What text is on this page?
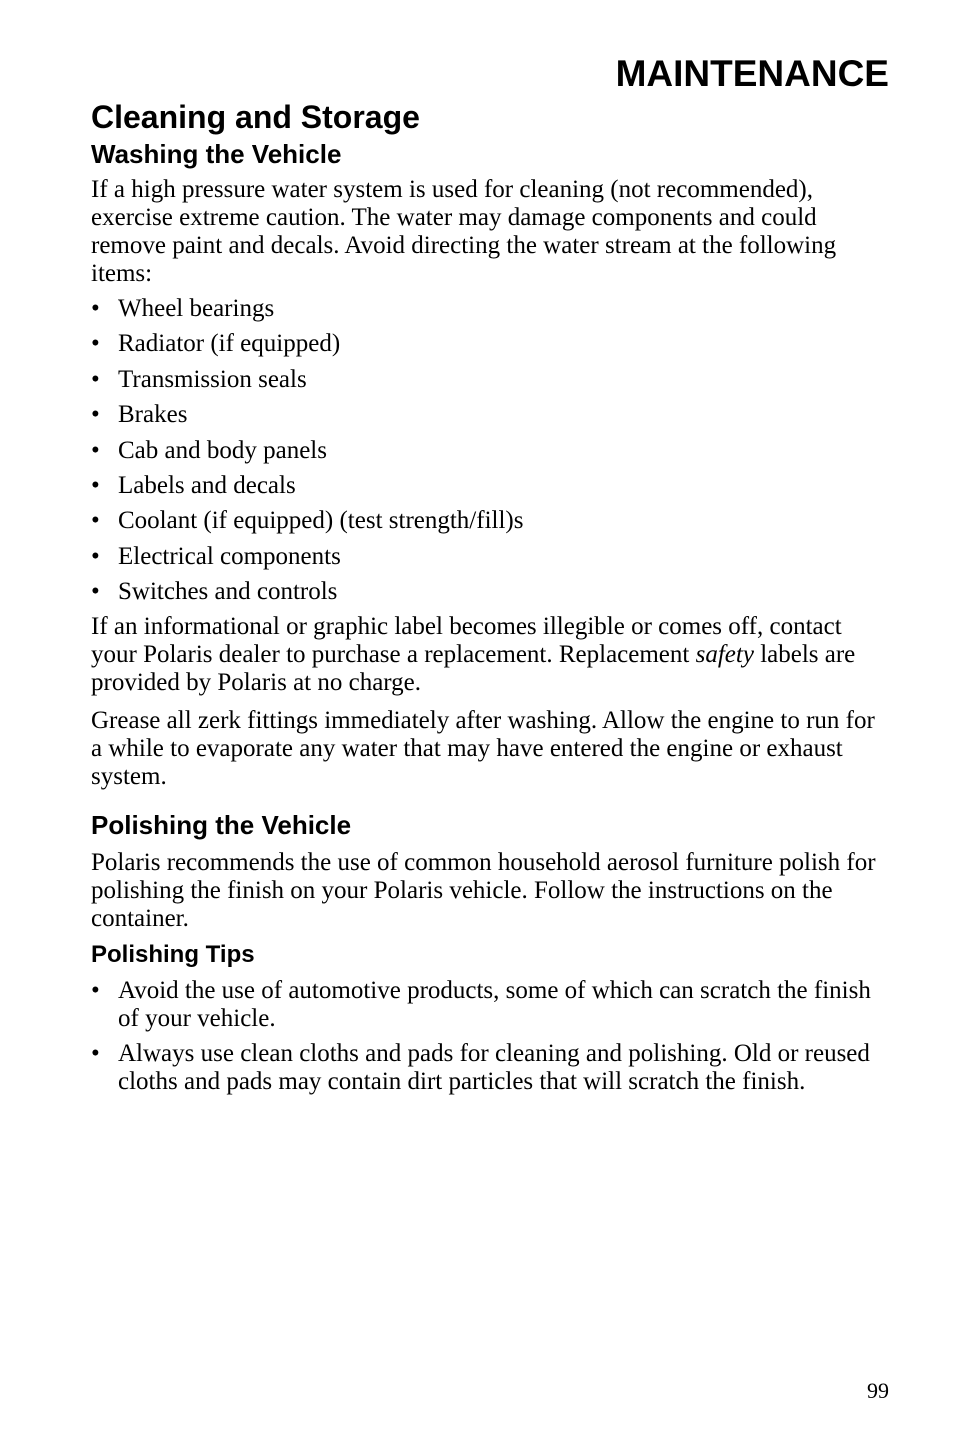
MAINTENANCE
Cleaning and Storage
Washing the Vehicle

If a high pressure water system is used for cleaning (not recommended), exercise extreme caution. The water may damage components and could remove paint and decals. Avoid directing the water stream at the following items:

• Wheel bearings
• Radiator (if equipped)
• Transmission seals
• Brakes
• Cab and body panels
• Labels and decals
• Coolant (if equipped) (test strength/fill)s
• Electrical components
• Switches and controls

If an informational or graphic label becomes illegible or comes off, contact your Polaris dealer to purchase a replacement. Replacement safety labels are provided by Polaris at no charge.

Grease all zerk fittings immediately after washing. Allow the engine to run for a while to evaporate any water that may have entered the engine or exhaust system.

Polishing the Vehicle

Polaris recommends the use of common household aerosol furniture polish for polishing the finish on your Polaris vehicle. Follow the instructions on the container.

Polishing Tips
• Avoid the use of automotive products, some of which can scratch the finish of your vehicle.
• Always use clean cloths and pads for cleaning and polishing. Old or reused cloths and pads may contain dirt particles that will scratch the finish.

99
